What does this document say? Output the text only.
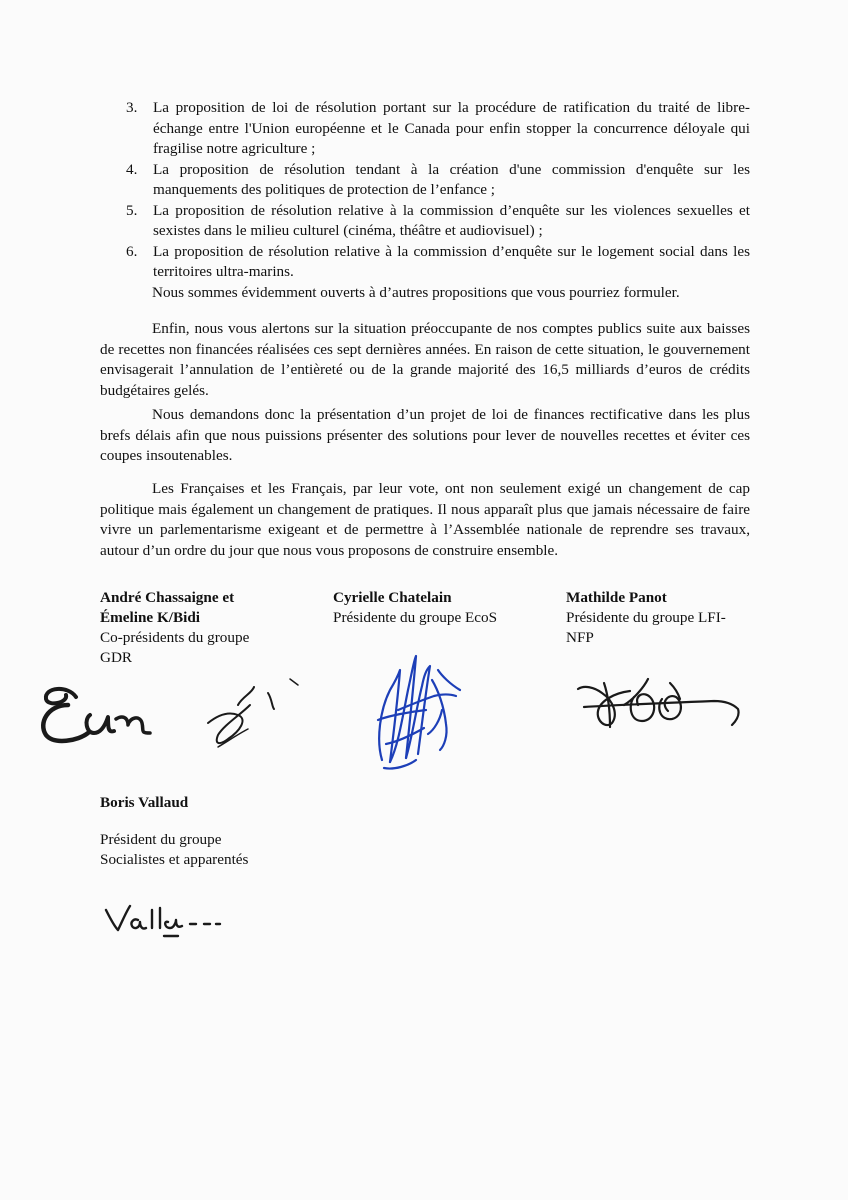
3. La proposition de loi de résolution portant sur la procédure de ratification du traité de libre-échange entre l'Union européenne et le Canada pour enfin stopper la concurrence déloyale qui fragilise notre agriculture ;
4. La proposition de résolution tendant à la création d'une commission d'enquête sur les manquements des politiques de protection de l’enfance ;
5. La proposition de résolution relative à la commission d’enquête sur les violences sexuelles et sexistes dans le milieu culturel (cinéma, théâtre et audiovisuel) ;
6. La proposition de résolution relative à la commission d’enquête sur le logement social dans les territoires ultra-marins.

Nous sommes évidemment ouverts à d’autres propositions que vous pourriez formuler.

Enfin, nous vous alertons sur la situation préoccupante de nos comptes publics suite aux baisses de recettes non financées réalisées ces sept dernières années. En raison de cette situation, le gouvernement envisagerait l’annulation de l’entièreté ou de la grande majorité des 16,5 milliards d’euros de crédits budgétaires gelés.

Nous demandons donc la présentation d’un projet de loi de finances rectificative dans les plus brefs délais afin que nous puissions présenter des solutions pour lever de nouvelles recettes et éviter ces coupes insoutenables.

Les Françaises et les Français, par leur vote, ont non seulement exigé un changement de cap politique mais également un changement de pratiques. Il nous apparaît plus que jamais nécessaire de faire vivre un parlementarisme exigeant et de permettre à l’Assemblée nationale de reprendre ses travaux, autour d’un ordre du jour que nous vous proposons de construire ensemble.

André Chassaigne et
Émeline K/Bidi
Co-présidents du groupe
GDR
Cyrielle Chatelain
Présidente du groupe EcoS
Mathilde Panot
Présidente du groupe LFI-
NFP
Boris Vallaud
Président du groupe
Socialistes et apparentés
